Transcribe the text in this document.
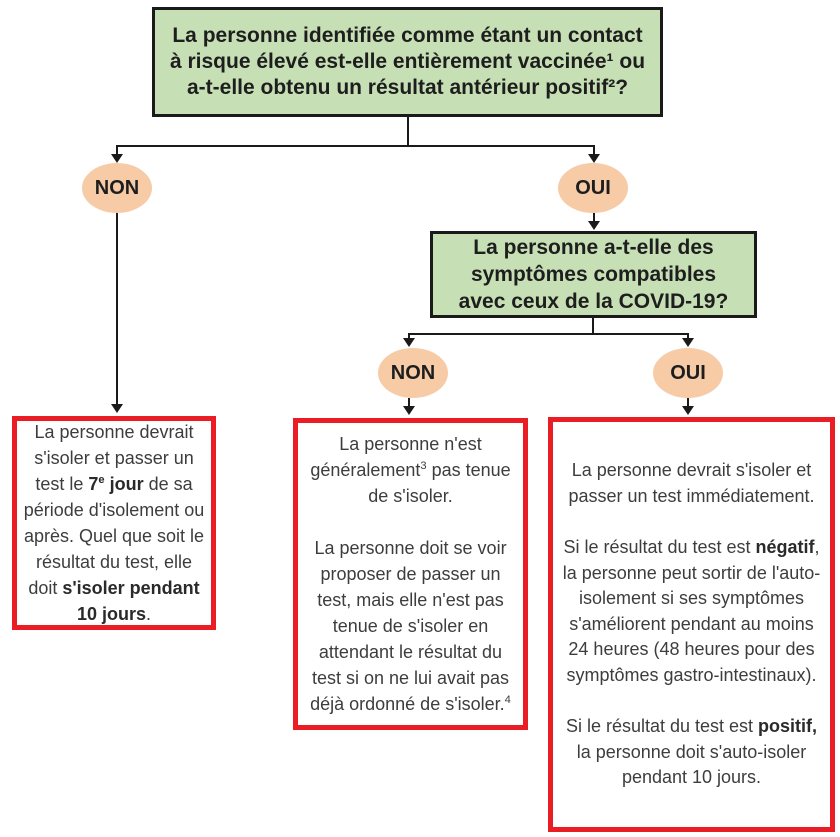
La personne identifiée comme étant un contact à risque élevé est-elle entièrement vaccinée¹ ou a-t-elle obtenu un résultat antérieur positif²?
NON	OUI
La personne a-t-elle des symptômes compatibles avec ceux de la COVID-19?
NON	OUI

La personne devrait s'isoler et passer un test le 7e jour de sa période d'isolement ou après. Quel que soit le résultat du test, elle doit s'isoler pendant 10 jours.

La personne n'est généralement$^3$ pas tenue de s'isoler.

La personne doit se voir proposer de passer un test, mais elle n'est pas tenue de s'isoler en attendant le résultat du test si on ne lui avait pas déjà ordonné de s'isoler.$^4$

La personne devrait s'isoler et passer un test immédiatement.

Si le résultat du test est négatif, la personne peut sortir de l'auto-isolement si ses symptômes s'améliorent pendant au moins 24 heures (48 heures pour des symptômes gastro-intestinaux).

Si le résultat du test est positif, la personne doit s'auto-isoler pendant 10 jours.
